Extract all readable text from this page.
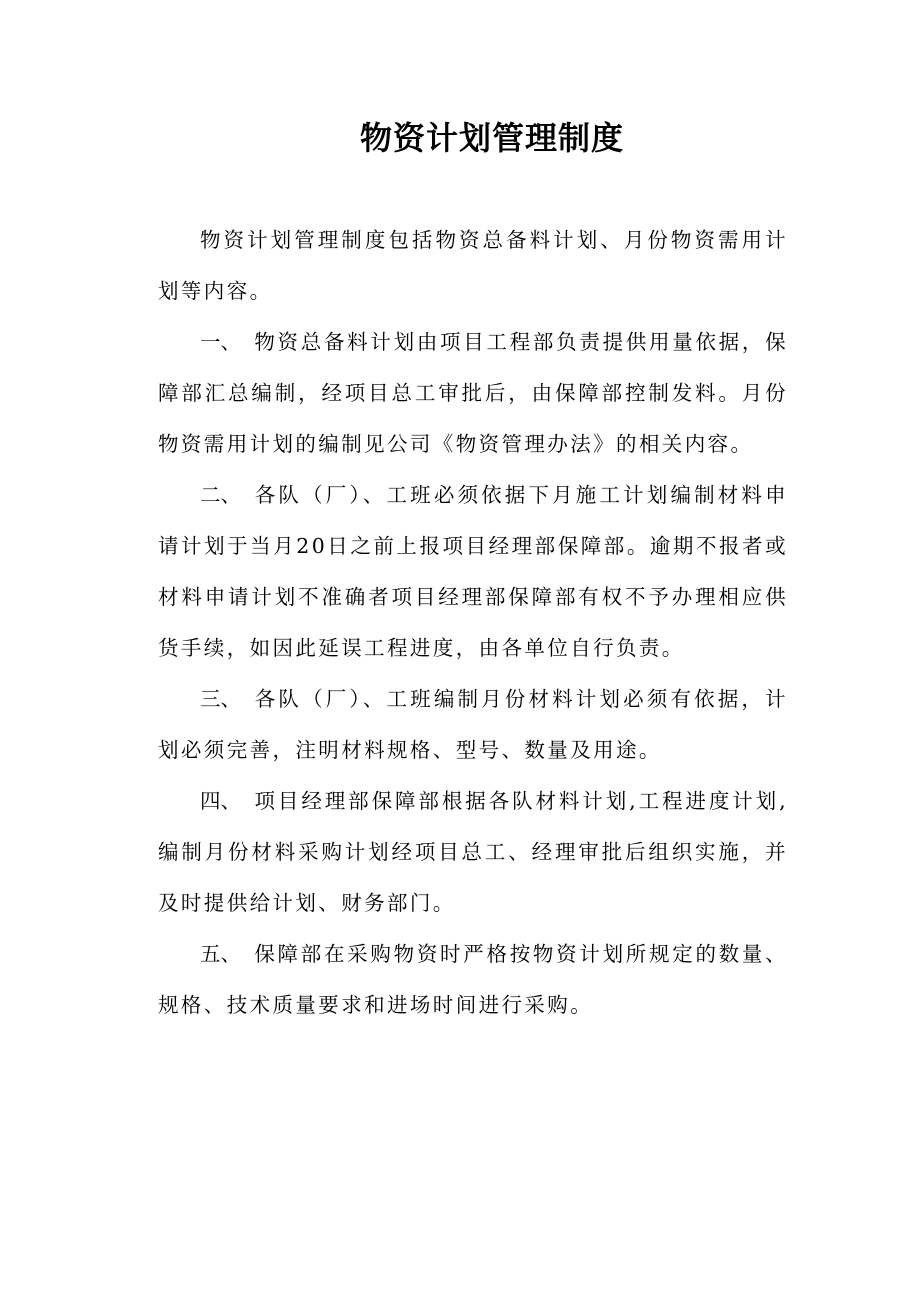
物资计划管理制度

物资计划管理制度包括物资总备料计划、月份物资需用计划等内容。

一、 物资总备料计划由项目工程部负责提供用量依据，保障部汇总编制，经项目总工审批后，由保障部控制发料。月份物资需用计划的编制见公司《物资管理办法》的相关内容。

二、 各队（厂）、工班必须依据下月施工计划编制材料申请计划于当月20日之前上报项目经理部保障部。逾期不报者或材料申请计划不准确者项目经理部保障部有权不予办理相应供货手续，如因此延误工程进度，由各单位自行负责。

三、 各队（厂）、工班编制月份材料计划必须有依据，计划必须完善，注明材料规格、型号、数量及用途。

四、 项目经理部保障部根据各队材料计划,工程进度计划,编制月份材料采购计划经项目总工、经理审批后组织实施，并及时提供给计划、财务部门。

五、 保障部在采购物资时严格按物资计划所规定的数量、规格、技术质量要求和进场时间进行采购。
